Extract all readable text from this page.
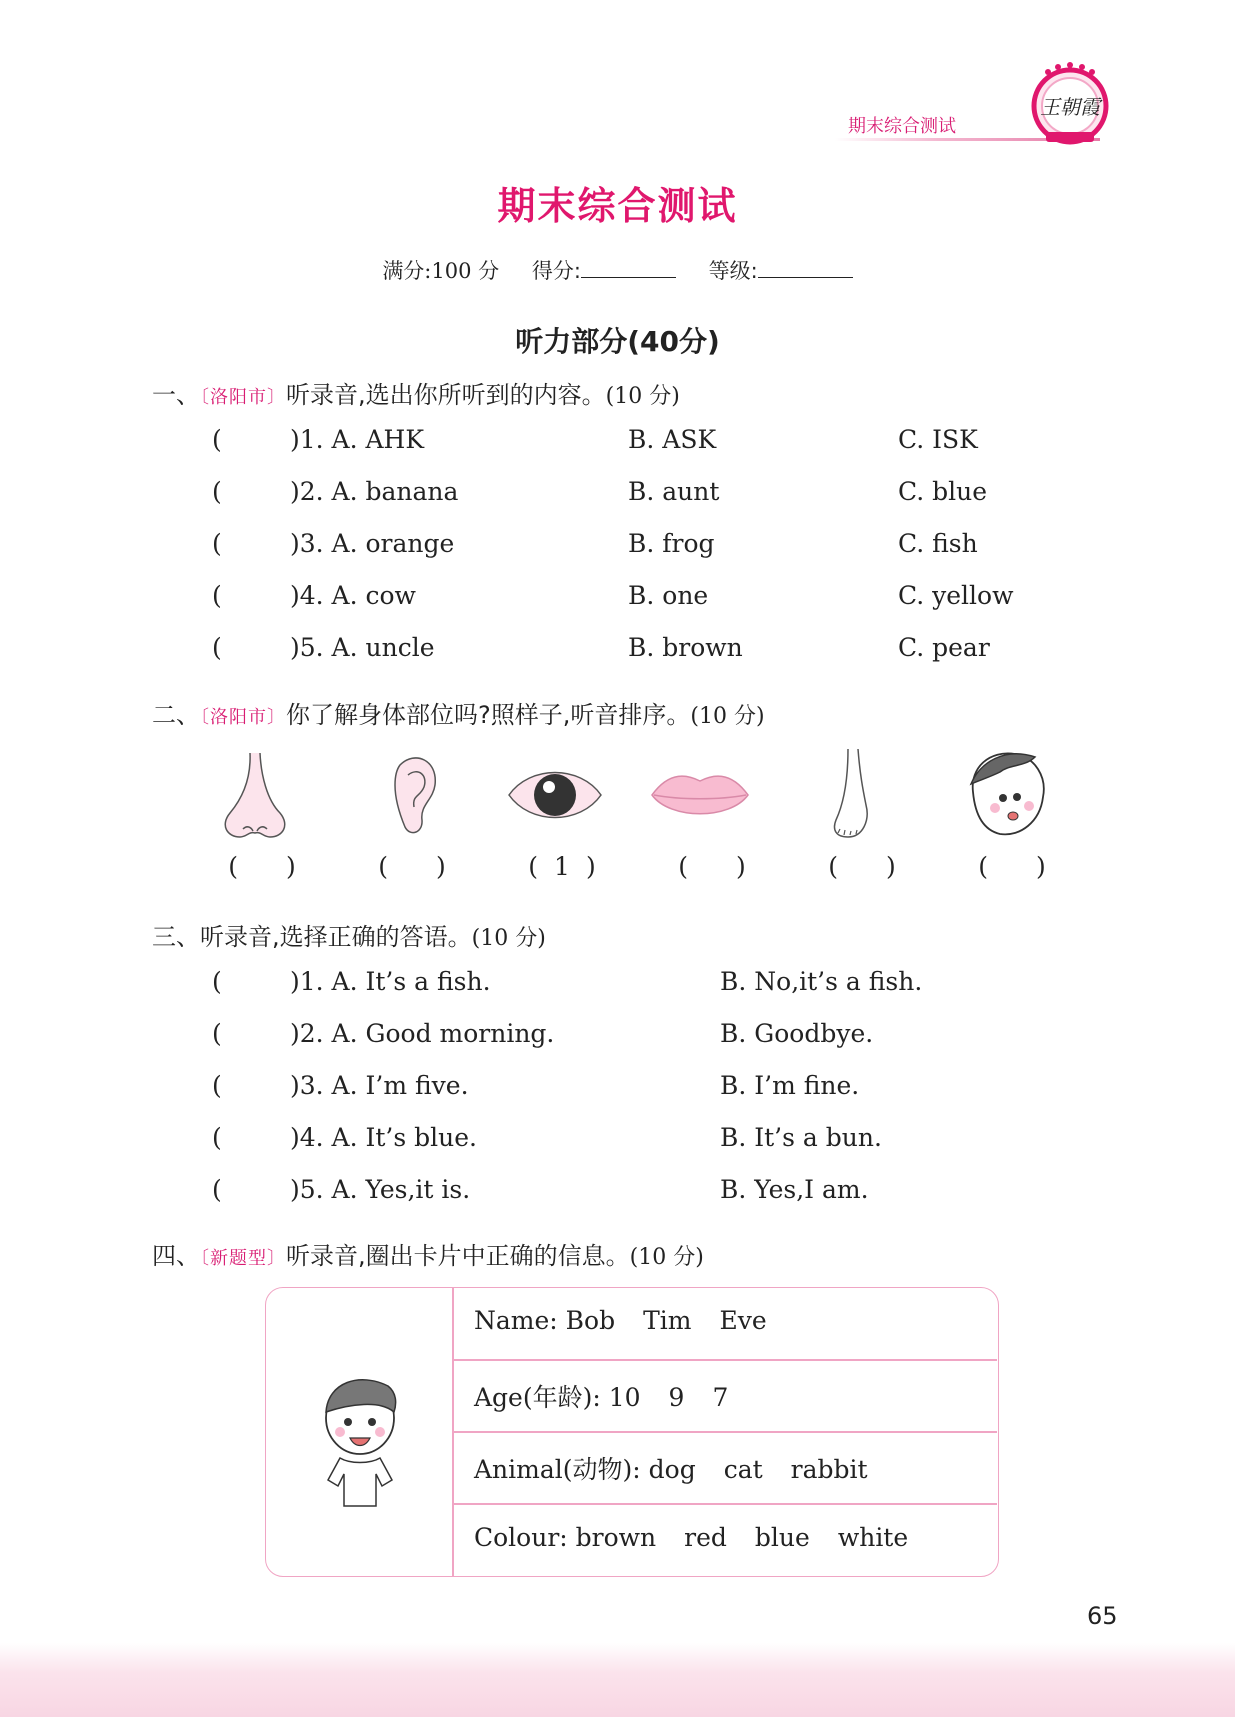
期末综合测试
王朝霞
期末综合测试
满分:100 分 得分:	等级:
听力部分(40分)
一、〔洛阳市〕听录音,选出你所听到的内容。(10 分)
(	)1. A. AHK	B. ASK	C. ISK
(	)2. A. banana	B. aunt	C. blue
(	)3. A. orange	B. frog	C. fish
(	)4. A. cow	B. one	C. yellow
(	)5. A. uncle	B. brown	C. pear
二、〔洛阳市〕你了解身体部位吗?照样子,听音排序。(10 分)
( )	( )	( 1 )	( )	( )	( )
三、听录音,选择正确的答语。(10 分)
(	)1. A. It’s a fish.	B. No,it’s a fish.
(	)2. A. Good morning.	B. Goodbye.
(	)3. A. I’m five.	B. I’m fine.
(	)4. A. It’s blue.	B. It’s a bun.
(	)5. A. Yes,it is.	B. Yes,I am.
四、〔新题型〕听录音,圈出卡片中正确的信息。(10 分)
Name: Bob Tim Eve
Age(年龄): 10 9 7
Animal(动物): dog cat rabbit
Colour: brown red blue white
65
